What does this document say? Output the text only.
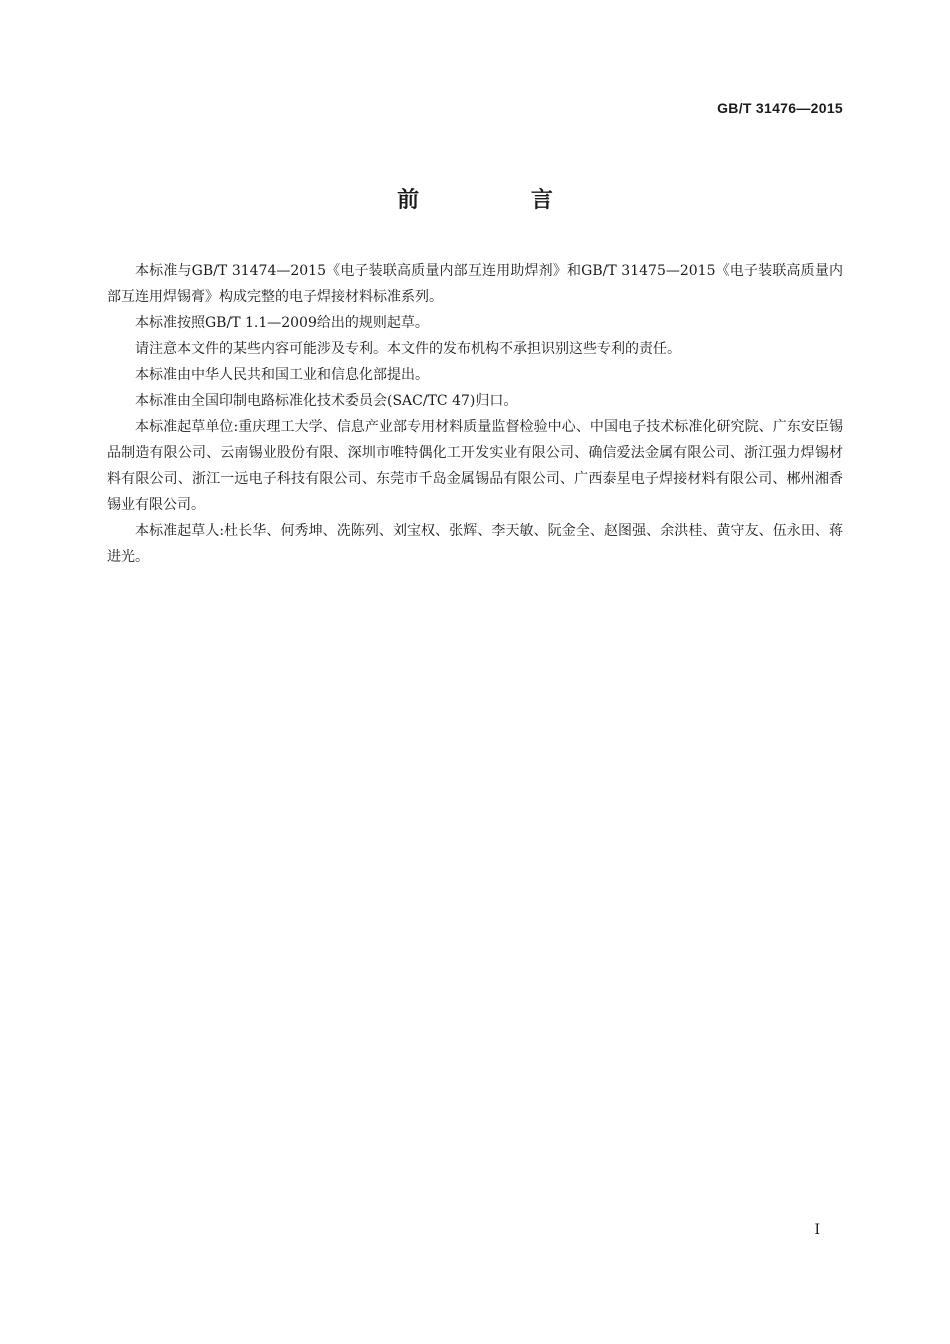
GB/T 31476—2015
前 言

本标准与GB/T 31474—2015《电子装联高质量内部互连用助焊剂》和GB/T 31475—2015《电子装联高质量内部互连用焊锡膏》构成完整的电子焊接材料标准系列。

本标准按照GB/T 1.1—2009给出的规则起草。

请注意本文件的某些内容可能涉及专利。本文件的发布机构不承担识别这些专利的责任。

本标准由中华人民共和国工业和信息化部提出。

本标准由全国印制电路标准化技术委员会(SAC/TC 47)归口。

本标准起草单位:重庆理工大学、信息产业部专用材料质量监督检验中心、中国电子技术标准化研究院、广东安臣锡品制造有限公司、云南锡业股份有限、深圳市唯特偶化工开发实业有限公司、确信爱法金属有限公司、浙江强力焊锡材料有限公司、浙江一远电子科技有限公司、东莞市千岛金属锡品有限公司、广西泰星电子焊接材料有限公司、郴州湘香锡业有限公司。

本标准起草人:杜长华、何秀坤、冼陈列、刘宝权、张辉、李天敏、阮金全、赵图强、余洪桂、黄守友、伍永田、蒋进光。

I
